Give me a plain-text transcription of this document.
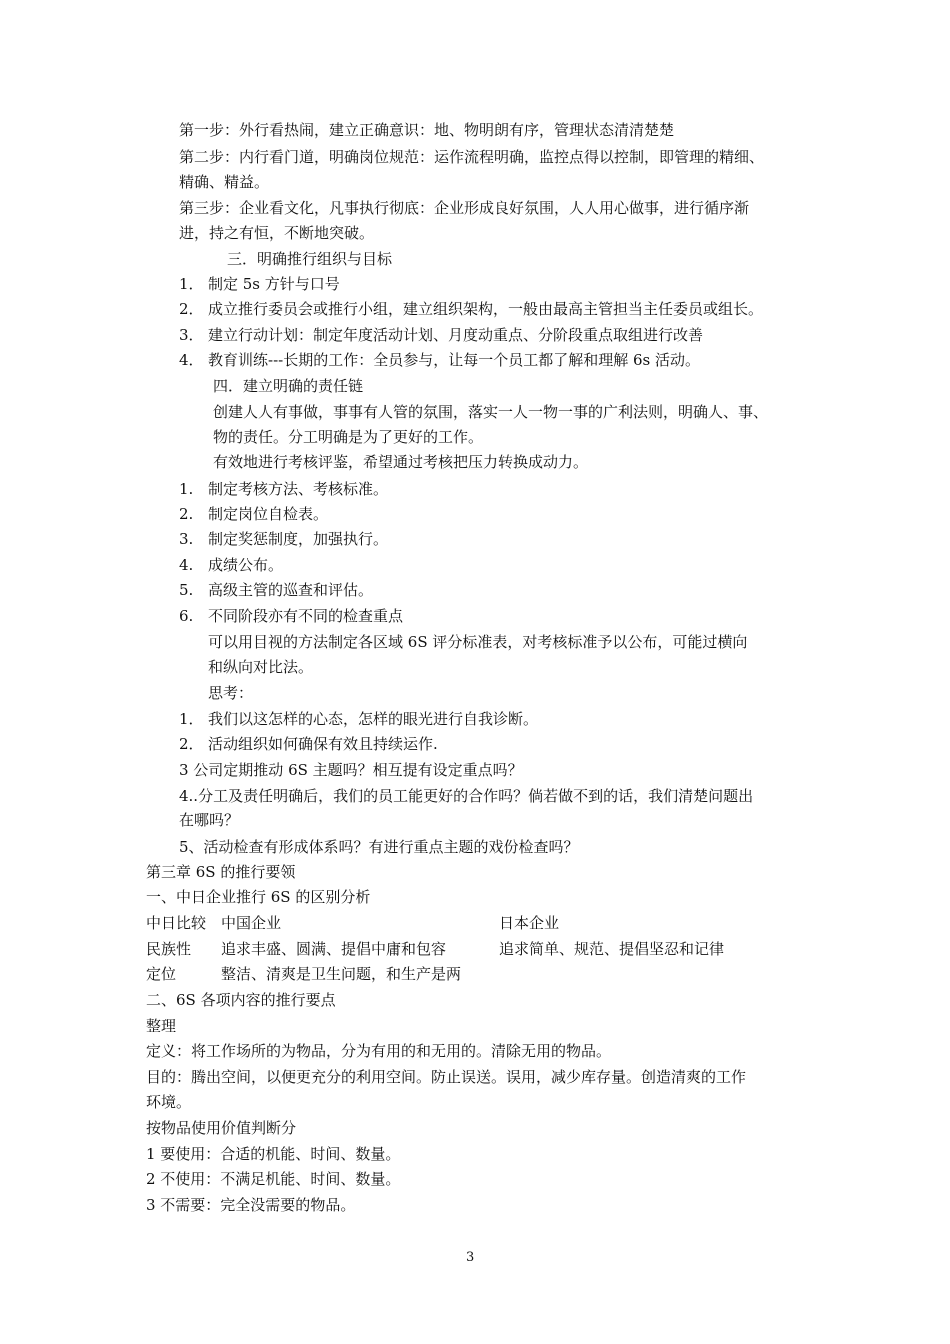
第一步：外行看热闹，建立正确意识：地、物明朗有序，管理状态清清楚楚
第二步：内行看门道，明确岗位规范：运作流程明确，监控点得以控制，即管理的精细、
精确、精益。
第三步：企业看文化，凡事执行彻底：企业形成良好氛围，人人用心做事，进行循序渐
进，持之有恒，不断地突破。
三．明确推行组织与目标
1． 制定 5s 方针与口号
2． 成立推行委员会或推行小组，建立组织架构，一般由最高主管担当主任委员或组长。
3． 建立行动计划：制定年度活动计划、月度动重点、分阶段重点取组进行改善
4． 教育训练---长期的工作：全员参与，让每一个员工都了解和理解 6s 活动。
四．建立明确的责任链
创建人人有事做，事事有人管的氛围，落实一人一物一事的广利法则，明确人、事、
物的责任。分工明确是为了更好的工作。
有效地进行考核评鉴，希望通过考核把压力转换成动力。
1. 制定考核方法、考核标准。
2. 制定岗位自检表。
3. 制定奖惩制度，加强执行。
4. 成绩公布。
5. 高级主管的巡查和评估。
6. 不同阶段亦有不同的检查重点
可以用目视的方法制定各区域 6S 评分标准表，对考核标准予以公布，可能过横向
和纵向对比法。
思考：
1． 我们以这怎样的心态，怎样的眼光进行自我诊断。
2． 活动组织如何确保有效且持续运作.
3 公司定期推动 6S 主题吗？相互提有设定重点吗？
4..分工及责任明确后，我们的员工能更好的合作吗？倘若做不到的话，我们清楚问题出
在哪吗？
5、活动检查有形成体系吗？有进行重点主题的戏份检查吗？
第三章 6S 的推行要领
一、中日企业推行 6S 的区别分析
中日比较 中国企业	日本企业
民族性 追求丰盛、圆满、提倡中庸和包容	追求简单、规范、提倡坚忍和记律
定位	整洁、清爽是卫生问题，和生产是两
二、6S 各项内容的推行要点
整理
定义：将工作场所的为物品，分为有用的和无用的。清除无用的物品。
目的：腾出空间，以便更充分的利用空间。防止误送。误用，减少库存量。创造清爽的工作
环境。
按物品使用价值判断分
1 要使用：合适的机能、时间、数量。
2 不使用：不满足机能、时间、数量。
3 不需要：完全没需要的物品。
3
